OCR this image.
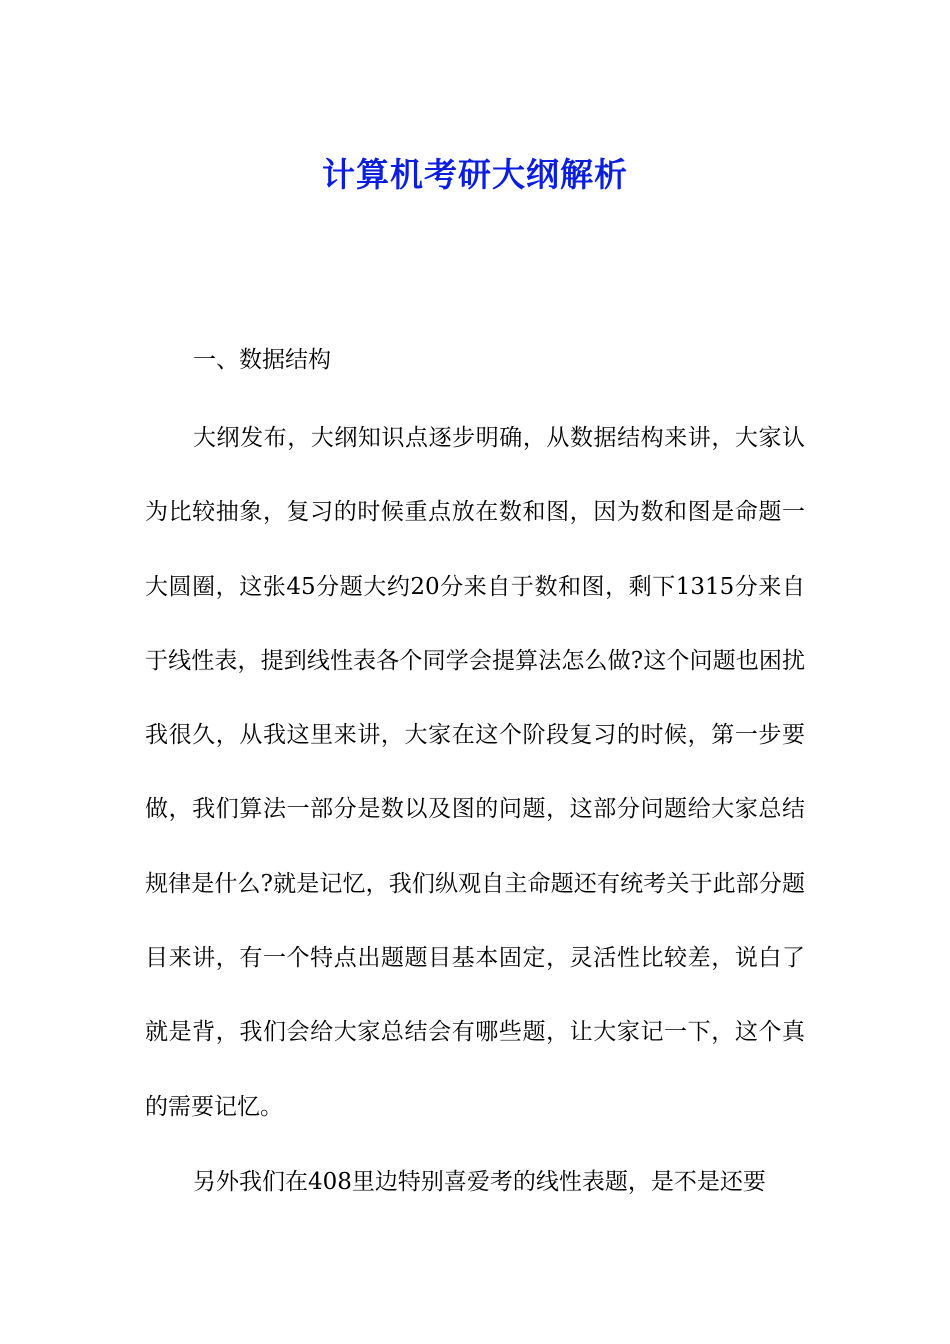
计算机考研大纲解析

一、数据结构

大纲发布，大纲知识点逐步明确，从数据结构来讲，大家认为比较抽象，复习的时候重点放在数和图，因为数和图是命题一大圆圈，这张45分题大约20分来自于数和图，剩下1315分来自于线性表，提到线性表各个同学会提算法怎么做?这个问题也困扰我很久，从我这里来讲，大家在这个阶段复习的时候，第一步要做，我们算法一部分是数以及图的问题，这部分问题给大家总结规律是什么?就是记忆，我们纵观自主命题还有统考关于此部分题目来讲，有一个特点出题题目基本固定，灵活性比较差，说白了就是背，我们会给大家总结会有哪些题，让大家记一下，这个真的需要记忆。

另外我们在408里边特别喜爱考的线性表题，是不是还要
